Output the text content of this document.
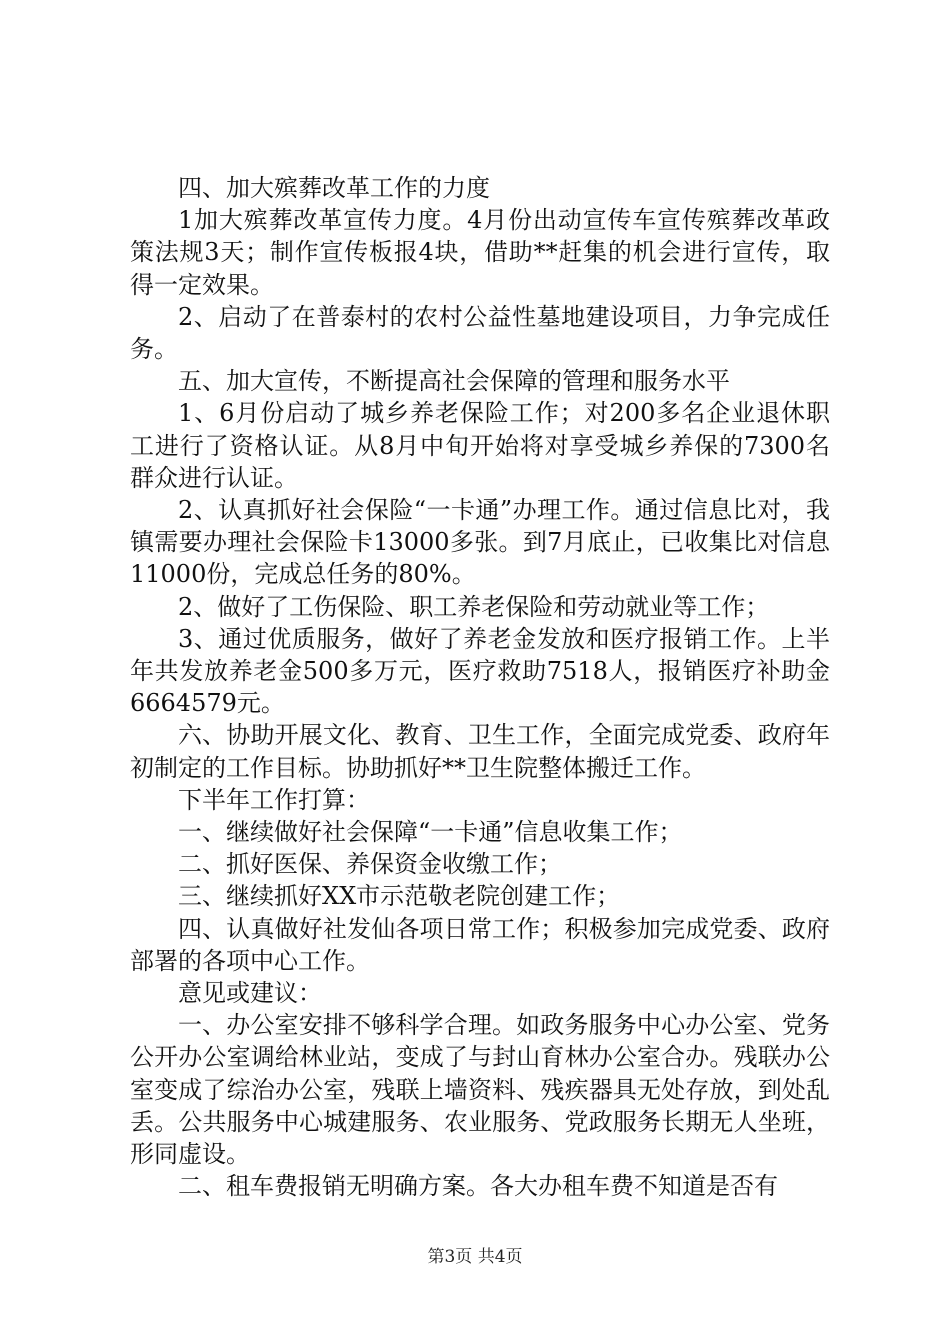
四、加大殡葬改革工作的力度

1加大殡葬改革宣传力度。4月份出动宣传车宣传殡葬改革政策法规3天；制作宣传板报4块，借助**赶集的机会进行宣传，取得一定效果。

2、启动了在普泰村的农村公益性墓地建设项目，力争完成任务。

五、加大宣传，不断提高社会保障的管理和服务水平

1、6月份启动了城乡养老保险工作；对200多名企业退休职工进行了资格认证。从8月中旬开始将对享受城乡养保的7300名群众进行认证。

2、认真抓好社会保险“一卡通”办理工作。通过信息比对，我镇需要办理社会保险卡13000多张。到7月底止，已收集比对信息11000份，完成总任务的80%。

2、做好了工伤保险、职工养老保险和劳动就业等工作；

3、通过优质服务，做好了养老金发放和医疗报销工作。上半年共发放养老金500多万元，医疗救助7518人，报销医疗补助金6664579元。

六、协助开展文化、教育、卫生工作，全面完成党委、政府年初制定的工作目标。协助抓好**卫生院整体搬迁工作。

下半年工作打算：

一、继续做好社会保障“一卡通”信息收集工作；

二、抓好医保、养保资金收缴工作；

三、继续抓好XX市示范敬老院创建工作；

四、认真做好社发仙各项日常工作；积极参加完成党委、政府部署的各项中心工作。

意见或建议：

一、办公室安排不够科学合理。如政务服务中心办公室、党务公开办公室调给林业站，变成了与封山育林办公室合办。残联办公室变成了综治办公室，残联上墙资料、残疾器具无处存放，到处乱丢。公共服务中心城建服务、农业服务、党政服务长期无人坐班，形同虚设。

二、租车费报销无明确方案。各大办租车费不知道是否有

第3页 共4页
